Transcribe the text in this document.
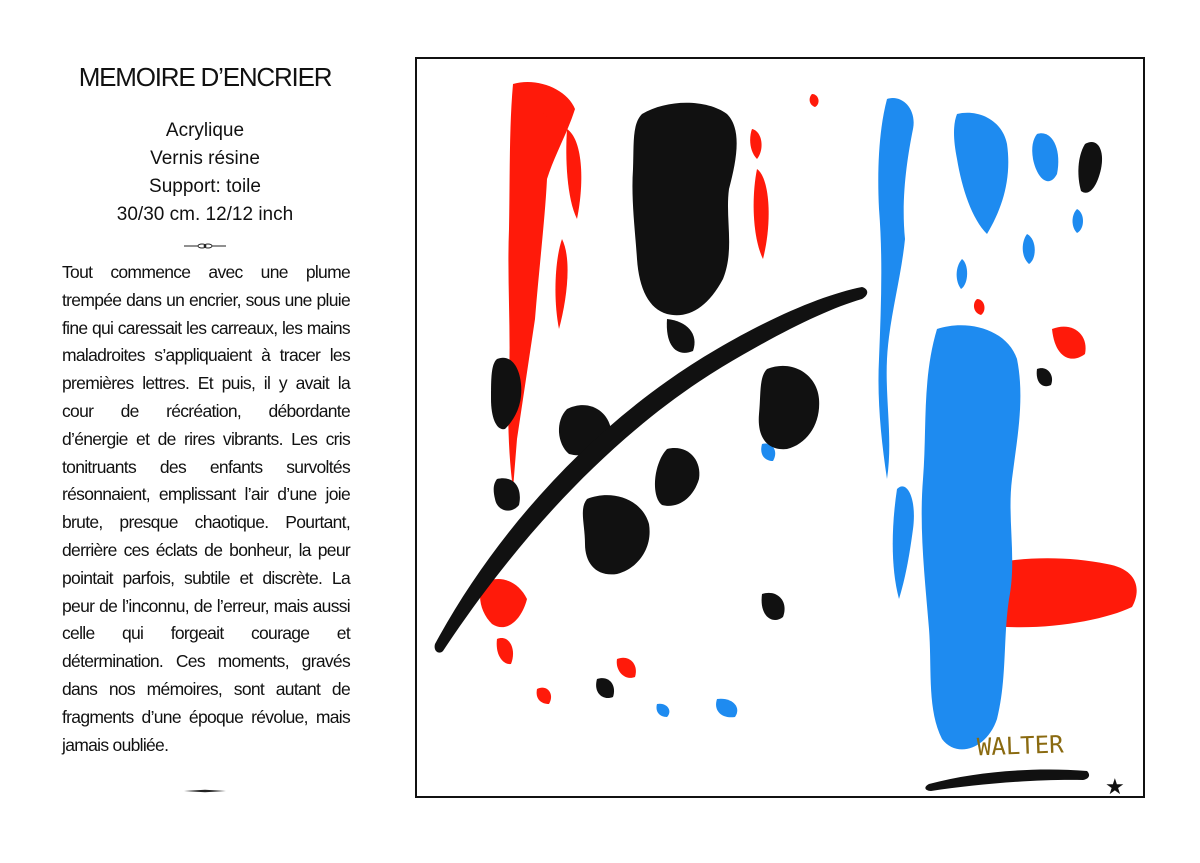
MEMOIRE D’ENCRIER
Acrylique
Vernis résine
Support: toile
30/30 cm. 12/12 inch
Tout commence avec une plume trempée dans un encrier, sous une pluie fine qui caressait les carreaux, les mains maladroites s’appliquaient à tracer les premières lettres. Et puis, il y avait la cour de récréation, débordante d’énergie et de rires vibrants. Les cris tonitruants des enfants survoltés résonnaient, emplissant l’air d’une joie brute, presque chaotique. Pourtant, derrière ces éclats de bonheur, la peur pointait parfois, subtile et discrète. La peur de l’inconnu, de l’erreur, mais aussi celle qui forgeait courage et détermination. Ces moments, gravés dans nos mémoires, sont autant de fragments d’une époque révolue, mais jamais oubliée.	WALTER
★
